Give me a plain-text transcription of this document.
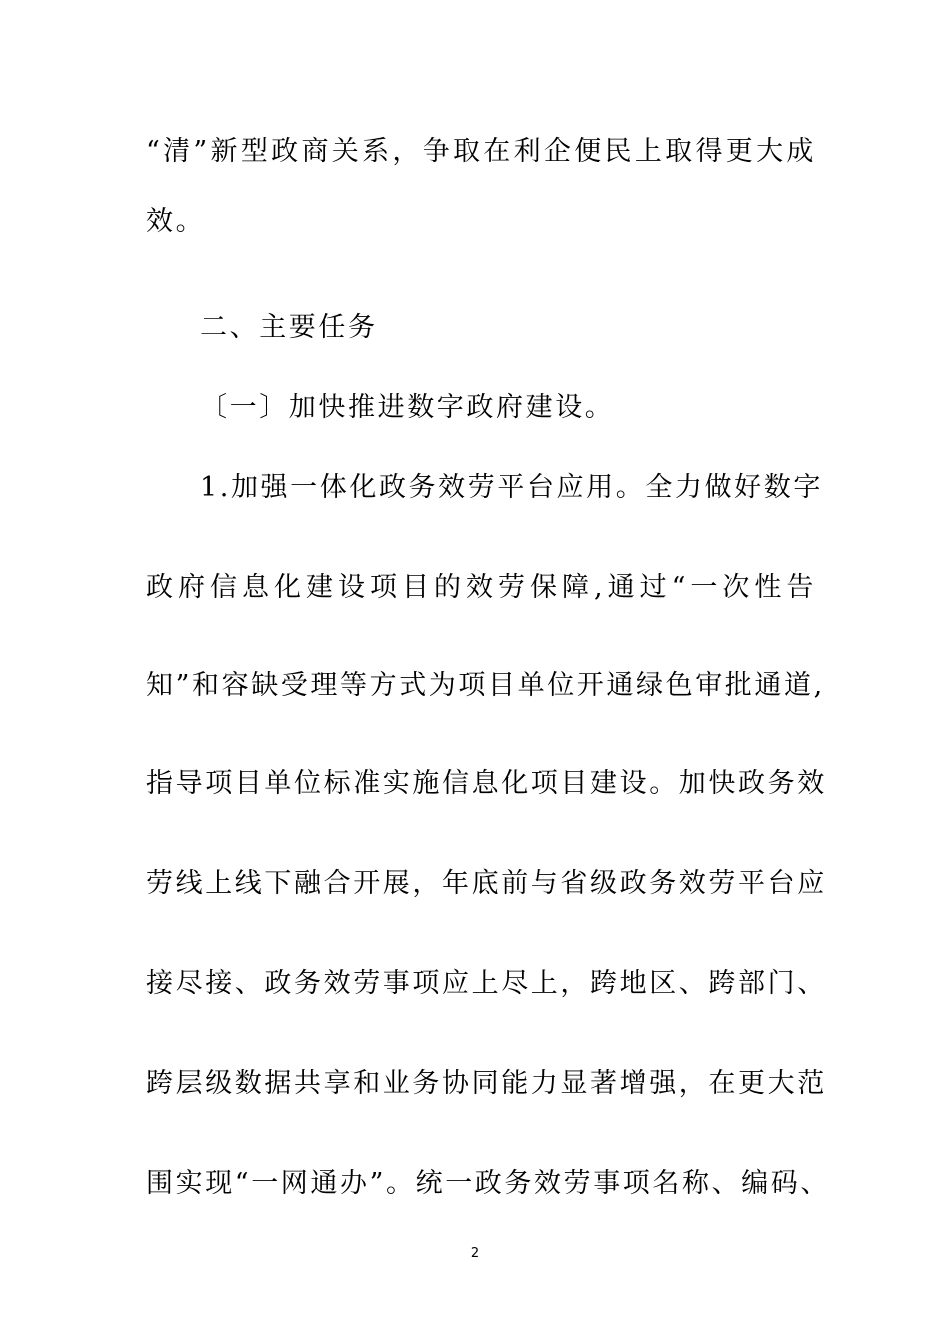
“清”新型政商关系，争取在利企便民上取得更大成
效。
二、主要任务
〔一〕加快推进数字政府建设。
1.加强一体化政务效劳平台应用。全力做好数字
政府信息化建设项目的效劳保障,通过“一次性告
知”和容缺受理等方式为项目单位开通绿色审批通道,
指导项目单位标准实施信息化项目建设。加快政务效
劳线上线下融合开展，年底前与省级政务效劳平台应
接尽接、政务效劳事项应上尽上，跨地区、跨部门、
跨层级数据共享和业务协同能力显著增强，在更大范
围实现“一网通办”。统一政务效劳事项名称、编码、
2
